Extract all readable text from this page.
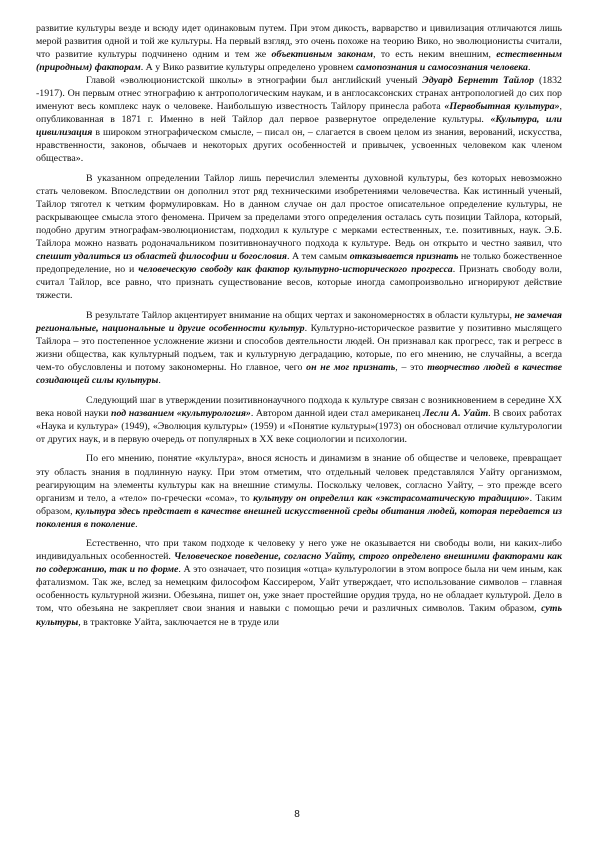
развитие культуры везде и всюду идет одинаковым путем. При этом дикость, варварство и цивилизация отличаются лишь мерой развития одной и той же культуры. На первый взгляд, это очень похоже на теорию Вико, но эволюционисты считали, что развитие культуры подчинено одним и тем же объективным законам, то есть неким внешним, естественным (природным) факторам. А у Вико развитие культуры определено уровнем самопознания и самосознания человека.

Главой «эволюционистской школы» в этнографии был английский ученый Эдуард Бернетт Тайлор (1832 -1917). Он первым отнес этнографию к антропологическим наукам, и в англосаксонских странах антропологией до сих пор именуют весь комплекс наук о человеке. Наибольшую известность Тайлору принесла работа «Первобытная культура», опубликованная в 1871 г. Именно в ней Тайлор дал первое развернутое определение культуры. «Культура, или цивилизация в широком этнографическом смысле, – писал он, – слагается в своем целом из знания, верований, искусства, нравственности, законов, обычаев и некоторых других особенностей и привычек, усвоенных человеком как членом общества».

В указанном определении Тайлор лишь перечислил элементы духовной культуры, без которых невозможно стать человеком. Впоследствии он дополнил этот ряд техническими изобретениями человечества. Как истинный ученый, Тайлор тяготел к четким формулировкам. Но в данном случае он дал простое описательное определение культуры, не раскрывающее смысла этого феномена. Причем за пределами этого определения осталась суть позиции Тайлора, который, подобно другим этнографам-эволюционистам, подходил к культуре с мерками естественных, т.е. позитивных, наук. Э.Б. Тайлора можно назвать родоначальником позитивнонаучного подхода к культуре. Ведь он открыто и честно заявил, что спешит удалиться из областей философии и богословия. А тем самым отказывается признать не только божественное предопределение, но и человеческую свободу как фактор культурно-исторического прогресса. Признать свободу воли, считал Тайлор, все равно, что признать существование весов, которые иногда самопроизвольно игнорируют действие тяжести.

В результате Тайлор акцентирует внимание на общих чертах и закономерностях в области культуры, не замечая региональные, национальные и другие особенности культур. Культурно-историческое развитие у позитивно мыслящего Тайлора – это постепенное усложнение жизни и способов деятельности людей. Он признавал как прогресс, так и регресс в жизни общества, как культурный подъем, так и культурную деградацию, которые, по его мнению, не случайны, а всегда чем-то обусловлены и потому закономерны. Но главное, чего он не мог признать, – это творчество людей в качестве созидающей силы культуры.

Следующий шаг в утверждении позитивнонаучного подхода к культуре связан с возникновением в середине XX века новой науки под названием «культурология». Автором данной идеи стал американец Лесли А. Уайт. В своих работах «Наука и культура» (1949), «Эволюция культуры» (1959) и «Понятие культуры»(1973) он обосновал отличие культурологии от других наук, и в первую очередь от популярных в XX веке социологии и психологии.

По его мнению, понятие «культура», внося ясность и динамизм в знание об обществе и человеке, превращает эту область знания в подлинную науку. При этом отметим, что отдельный человек представлялся Уайту организмом, реагирующим на элементы культуры как на внешние стимулы. Поскольку человек, согласно Уайту, – это прежде всего организм и тело, а «тело» по-гречески «сома», то культуру он определил как «экстрасоматическую традицию». Таким образом, культура здесь предстает в качестве внешней искусственной среды обитания людей, которая передается из поколения в поколение.

Естественно, что при таком подходе к человеку у него уже не оказывается ни свободы воли, ни каких-либо индивидуальных особенностей. Человеческое поведение, согласно Уайту, строго определено внешними факторами как по содержанию, так и по форме. А это означает, что позиция «отца» культурологии в этом вопросе была ни чем иным, как фатализмом. Так же, вслед за немецким философом Кассирером, Уайт утверждает, что использование символов – главная особенность культурной жизни. Обезьяна, пишет он, уже знает простейшие орудия труда, но не обладает культурой. Дело в том, что обезьяна не закрепляет свои знания и навыки с помощью речи и различных символов. Таким образом, суть культуры, в трактовке Уайта, заключается не в труде или

8
